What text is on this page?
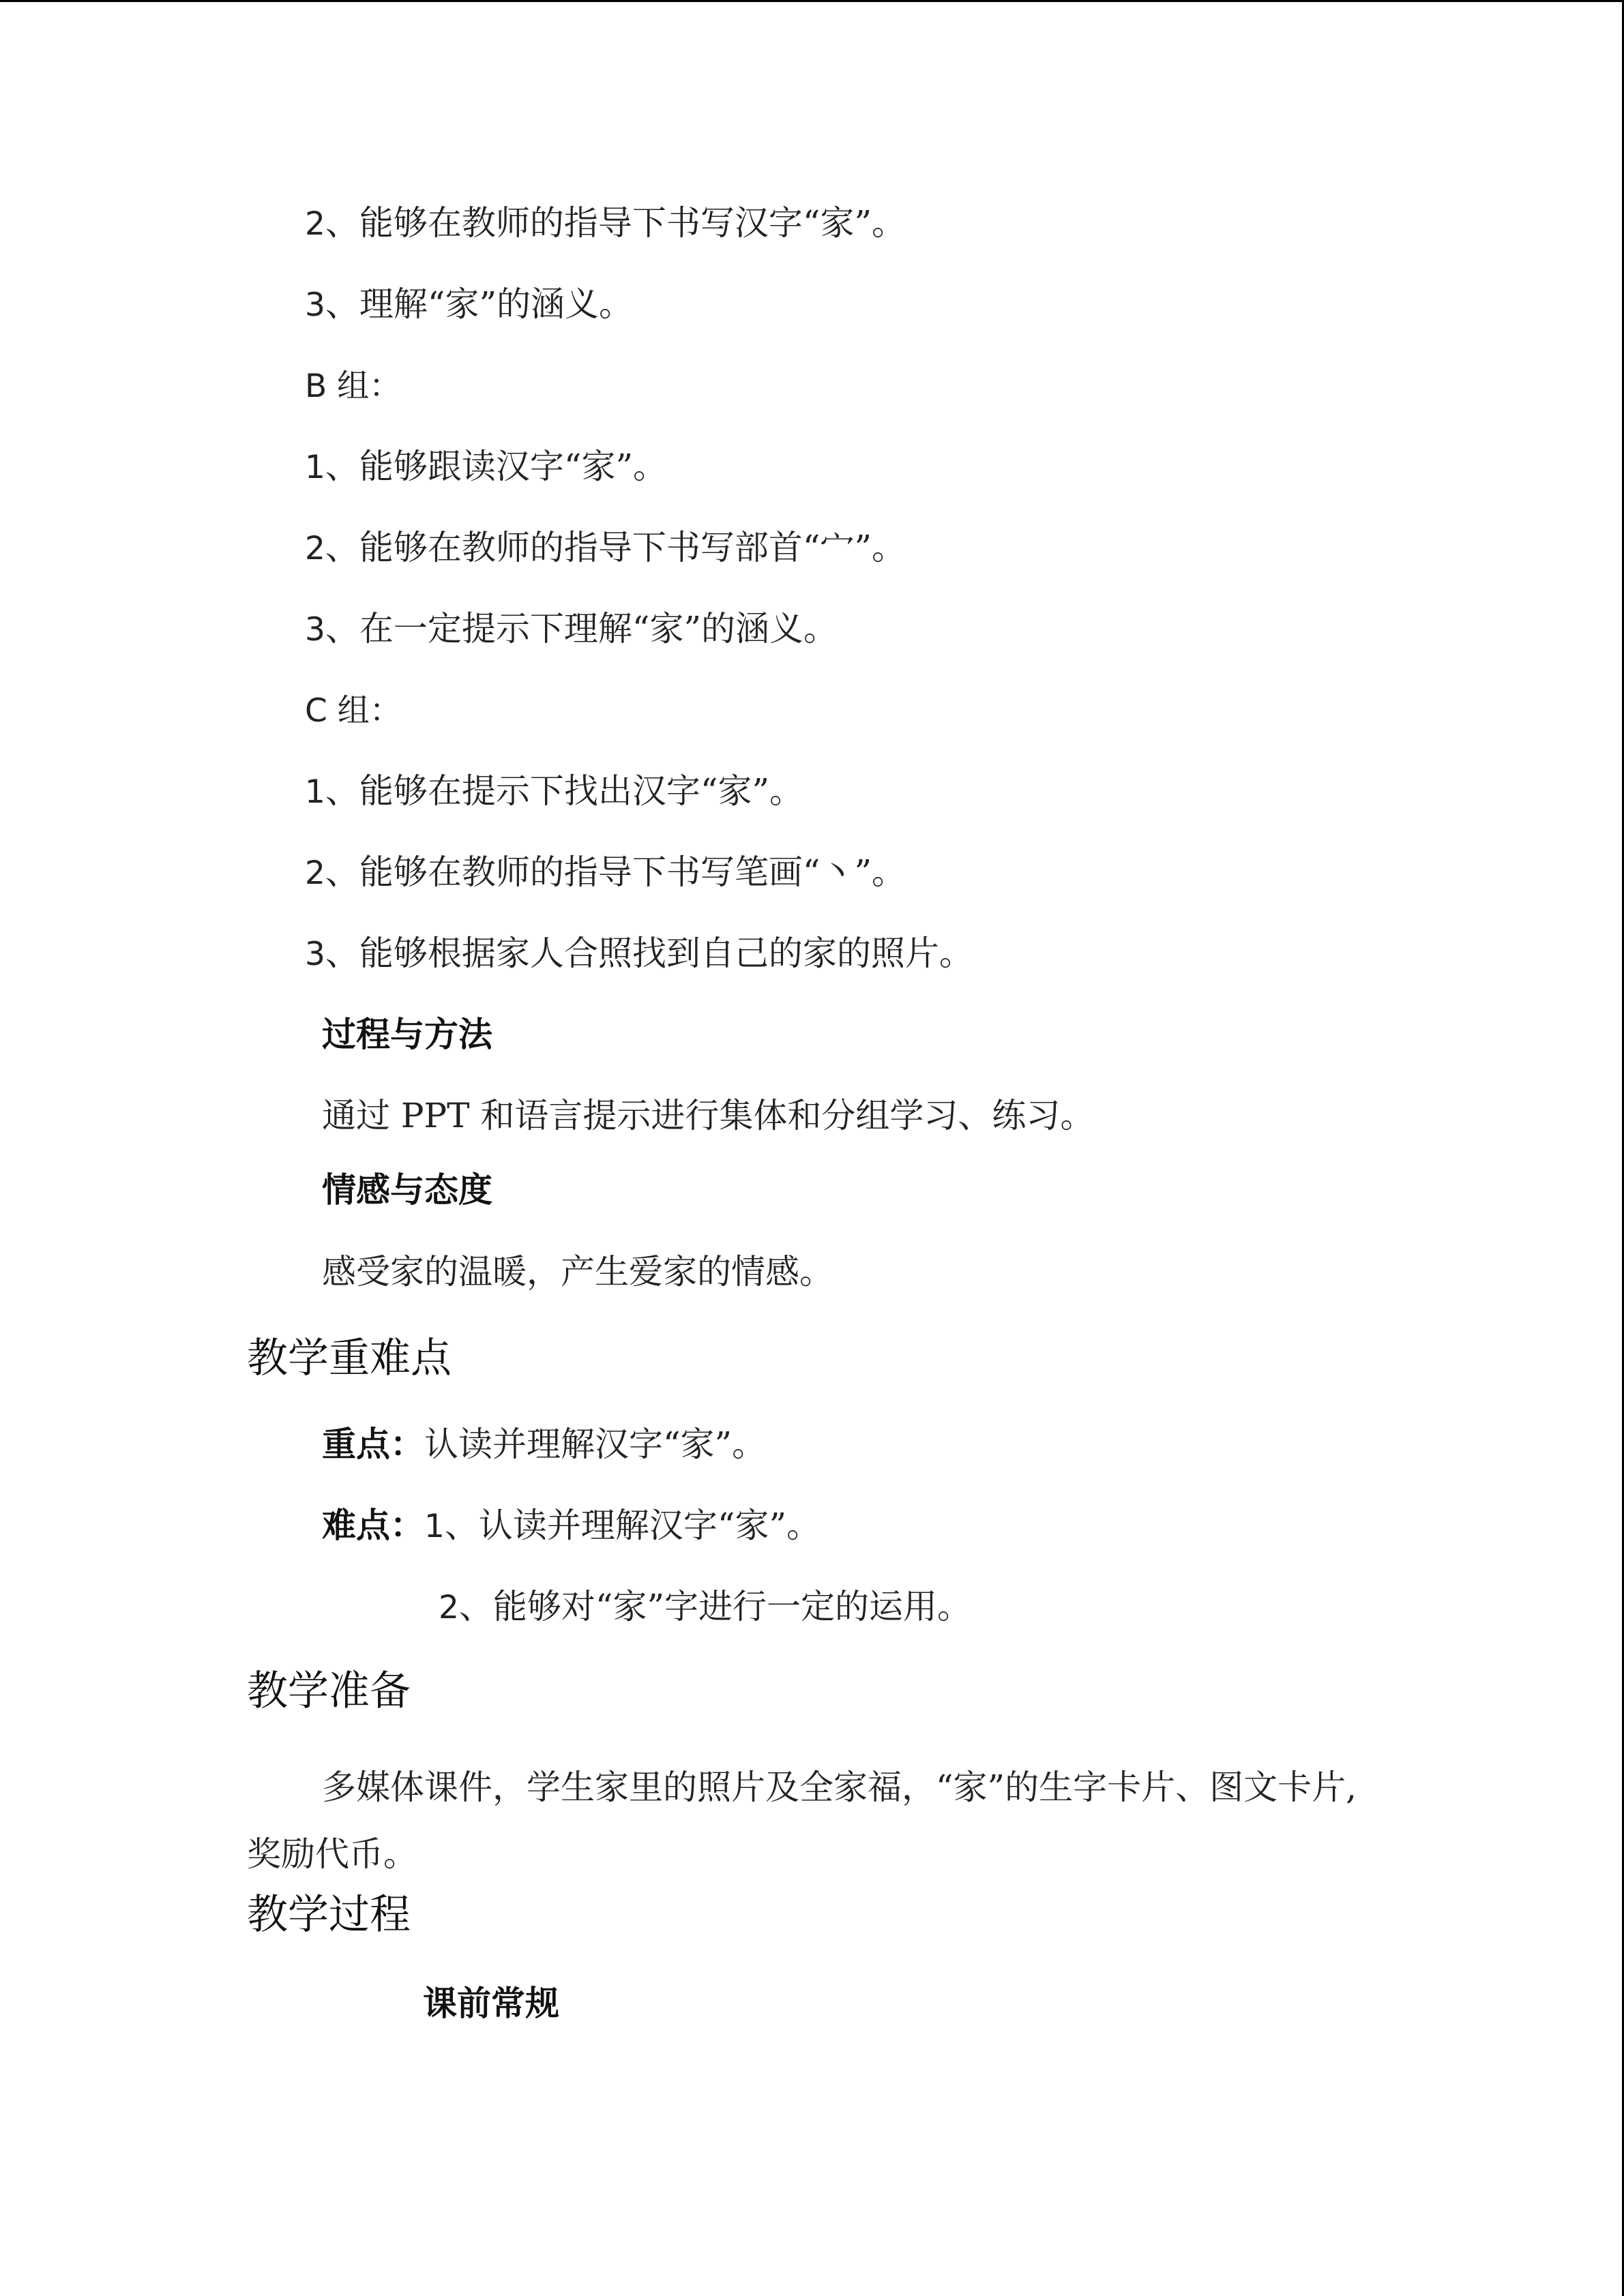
2、能够在教师的指导下书写汉字“家”。
3、理解“家”的涵义。
B 组：
1、能够跟读汉字“家”。
2、能够在教师的指导下书写部首“宀”。
3、在一定提示下理解“家”的涵义。
C 组：
1、能够在提示下找出汉字“家”。
2、能够在教师的指导下书写笔画“丶”。
3、能够根据家人合照找到自己的家的照片。
过程与方法
通过 PPT 和语言提示进行集体和分组学习、练习。
情感与态度
感受家的温暖，产生爱家的情感。
教学重难点
重点：认读并理解汉字“家”。
难点：1、认读并理解汉字“家”。
2、能够对“家”字进行一定的运用。
教学准备
多媒体课件，学生家里的照片及全家福，“家”的生字卡片、图文卡片,奖励代币。
教学过程
课前常规
